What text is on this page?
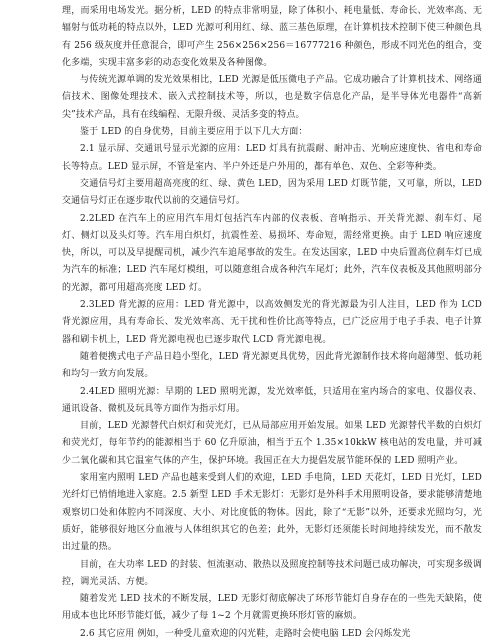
理，而采用电场发光。据分析，LED 的特点非常明显，除了体积小、耗电量低、寿命长、光效率高、无辐射与低功耗的特点以外，LED 光源可利用红、绿、蓝三基色原理，在计算机技术控制下使三种颜色具有 256 级灰度并任意混合，即可产生 256×256×256＝16777216 种颜色，形成不同光色的组合，变化多端，实现丰富多彩的动态变化效果及各种图像。

与传统光源单调的发光效果相比，LED 光源是低压微电子产品。它成功融合了计算机技术、网络通信技术、图像处理技术、嵌入式控制技术等，所以，也是数字信息化产品，是半导体光电器件“高新尖”技术产品，具有在线编程、无限升级、灵活多变的特点。

鉴于 LED 的自身优势，目前主要应用于以下几大方面：

2.1 显示屏、交通讯号显示光源的应用：LED 灯具有抗震耐、耐冲击、光响应速度快、省电和寿命长等特点。LED 显示屏，不管是室内、半户外还是户外用的，都有单色、双色、全彩等种类。

交通信号灯主要用超高亮度的红、绿、黄色 LED，因为采用 LED 灯既节能，又可靠，所以，LED 交通信号灯正在逐步取代以前的交通信号灯。

2.2LED 在汽车上的应用汽车用灯包括汽车内部的仪表板、音响指示、开关背光源、刹车灯、尾灯、侧灯以及头灯等。汽车用白炽灯，抗震性差、易损坏、寿命短，需经常更换。由于 LED 响应速度快，所以，可以及早提醒司机，减少汽车追尾事故的发生。在发达国家，LED 中央后置高位刹车灯已成为汽车的标准；LED 汽车尾灯模组，可以随意组合成各种汽车尾灯；此外，汽车仪表板及其他照明部分的光源，都可用超高亮度 LED 灯。

2.3LED 背光源的应用：LED 背光源中，以高效侧发光的背光源最为引人注目，LED 作为 LCD 背光源应用，具有寿命长、发光效率高、无干扰和性价比高等特点，已广泛应用于电子手表、电子计算器和刷卡机上，LED 背光源电视也已逐步取代 LCD 背光源电视。

随着便携式电子产品日趋小型化，LED 背光源更具优势，因此背光源制作技术将向超薄型、低功耗和均匀一致方向发展。

2.4LED 照明光源：早期的 LED 照明光源，发光效率低，只适用在室内场合的家电、仪器仪表、通讯设备、微机及玩具等方面作为指示灯用。

目前，LED 光源替代白炽灯和荧光灯，已从局部应用开始发展。如果 LED 光源替代半数的白炽灯和荧光灯，每年节约的能源相当于 60 亿升原油，相当于五个 1.35×10kkW 核电站的发电量，并可减少二氧化碳和其它温室气体的产生，保护环境。我国正在大力提倡发展节能环保的 LED 照明产业。

家用室内照明 LED 产品也越来受到人们的欢迎，LED 手电筒，LED 天花灯，LED 日光灯，LED 光纤灯已悄悄地进入家庭。2.5 新型 LED 手术无影灯：无影灯是外科手术用照明设备，要求能够清楚地观察切口处和体腔内不同深度、大小、对比度低的物体。因此，除了“无影”以外，还要求光照均匀，光质好，能够很好地区分血液与人体组织其它的色差；此外，无影灯还须能长时间地持续发光，而不散发出过量的热。

目前，在大功率 LED 的封装、恒流驱动、散热以及照度控制等技术问题已成功解决，可实现多级调控，调光灵活、方便。

随着发光 LED 技术的不断发展，LED 无影灯彻底解决了环形节能灯自身存在的一些先天缺陷，使用成本也比环形节能灯低，减少了每 1~2 个月就需更换环形灯管的麻烦。

2.6 其它应用 例如，一种受儿童欢迎的闪光鞋，走路时会使电脑 LED 会闪烁发光
